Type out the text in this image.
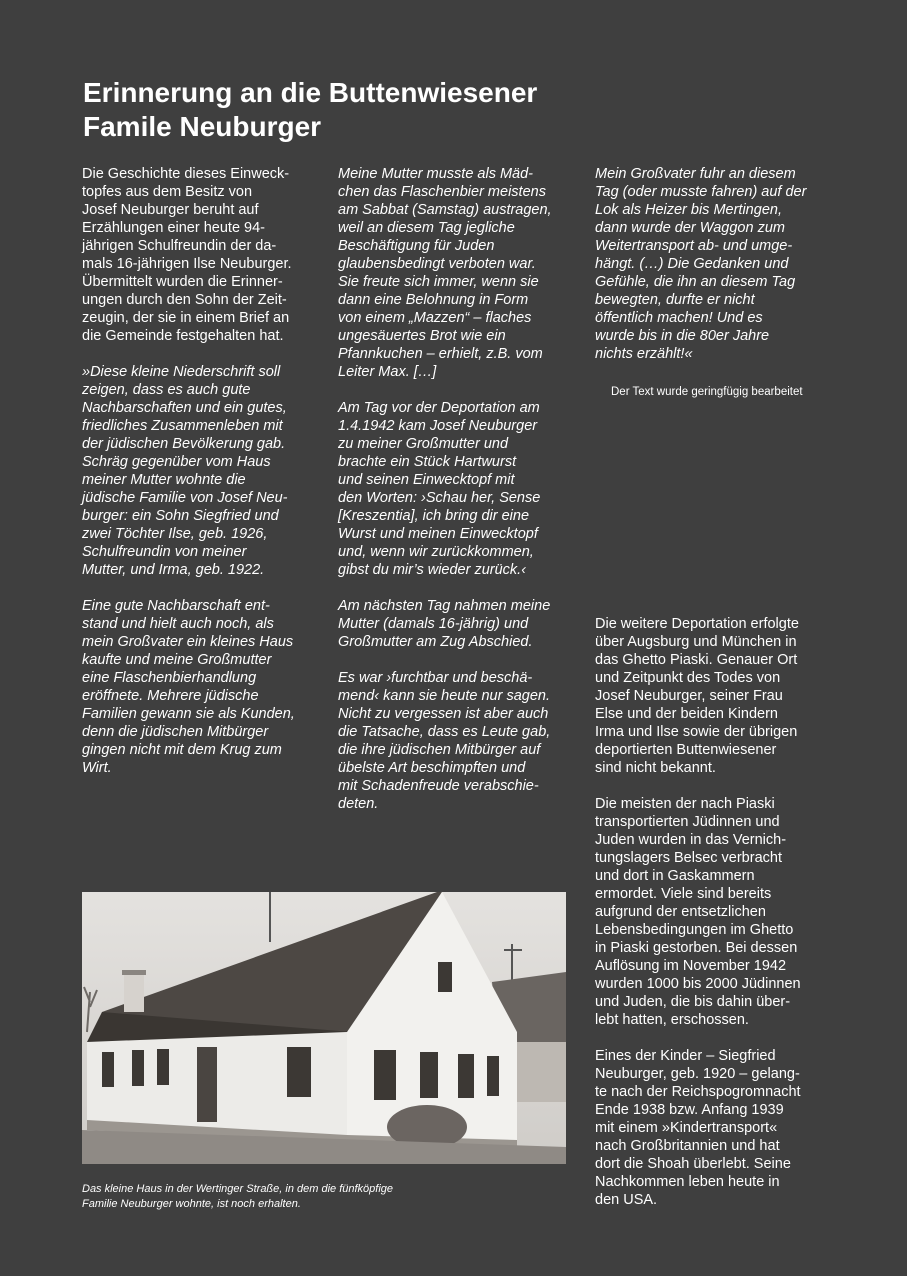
Erinnerung an die Buttenwiesener
Famile Neuburger

Die Geschichte dieses Einweck-
topfes aus dem Besitz von
Josef Neuburger beruht auf
Erzählungen einer heute 94-
jährigen Schulfreundin der da-
mals 16-jährigen Ilse Neuburger.
Übermittelt wurden die Erinner-
ungen durch den Sohn der Zeit-
zeugin, der sie in einem Brief an
die Gemeinde festgehalten hat.

»Diese kleine Niederschrift soll
zeigen, dass es auch gute
Nachbarschaften und ein gutes,
friedliches Zusammenleben mit
der jüdischen Bevölkerung gab.
Schräg gegenüber vom Haus
meiner Mutter wohnte die
jüdische Familie von Josef Neu-
burger: ein Sohn Siegfried und
zwei Töchter Ilse, geb. 1926,
Schulfreundin von meiner
Mutter, und Irma, geb. 1922.

Eine gute Nachbarschaft ent-
stand und hielt auch noch, als
mein Großvater ein kleines Haus
kaufte und meine Großmutter
eine Flaschenbierhandlung
eröffnete. Mehrere jüdische
Familien gewann sie als Kunden,
denn die jüdischen Mitbürger
gingen nicht mit dem Krug zum
Wirt.

Meine Mutter musste als Mäd-
chen das Flaschenbier meistens
am Sabbat (Samstag) austragen,
weil an diesem Tag jegliche
Beschäftigung für Juden
glaubensbedingt verboten war.
Sie freute sich immer, wenn sie
dann eine Belohnung in Form
von einem „Mazzen“ – flaches
ungesäuertes Brot wie ein
Pfannkuchen – erhielt, z.B. vom
Leiter Max. […]

Am Tag vor der Deportation am
1.4.1942 kam Josef Neuburger
zu meiner Großmutter und
brachte ein Stück Hartwurst
und seinen Einwecktopf mit
den Worten: ›Schau her, Sense
[Kreszentia], ich bring dir eine
Wurst und meinen Einwecktopf
und, wenn wir zurückkommen,
gibst du mir’s wieder zurück.‹

Am nächsten Tag nahmen meine
Mutter (damals 16-jährig) und
Großmutter am Zug Abschied.

Es war ›furchtbar und beschä-
mend‹ kann sie heute nur sagen.
Nicht zu vergessen ist aber auch
die Tatsache, dass es Leute gab,
die ihre jüdischen Mitbürger auf
übelste Art beschimpften und
mit Schadenfreude verabschie-
deten.

Mein Großvater fuhr an diesem
Tag (oder musste fahren) auf der
Lok als Heizer bis Mertingen,
dann wurde der Waggon zum
Weitertransport ab- und umge-
hängt. (…) Die Gedanken und
Gefühle, die ihn an diesem Tag
bewegten, durfte er nicht
öffentlich machen! Und es
wurde bis in die 80er Jahre
nichts erzählt!«

Der Text wurde geringfügig bearbeitet

Die weitere Deportation erfolgte
über Augsburg und München in
das Ghetto Piaski. Genauer Ort
und Zeitpunkt des Todes von
Josef Neuburger, seiner Frau
Else und der beiden Kindern
Irma und Ilse sowie der übrigen
deportierten Buttenwiesener
sind nicht bekannt.

Die meisten der nach Piaski
transportierten Jüdinnen und
Juden wurden in das Vernich-
tungslagers Belsec verbracht
und dort in Gaskammern
ermordet. Viele sind bereits
aufgrund der entsetzlichen
Lebensbedingungen im Ghetto
in Piaski gestorben. Bei dessen
Auflösung im November 1942
wurden 1000 bis 2000 Jüdinnen
und Juden, die bis dahin über-
lebt hatten, erschossen.

Eines der Kinder – Siegfried
Neuburger, geb. 1920 – gelang-
te nach der Reichspogromnacht
Ende 1938 bzw. Anfang 1939
mit einem »Kindertransport«
nach Großbritannien und hat
dort die Shoah überlebt. Seine
Nachkommen leben heute in
den USA.

Das kleine Haus in der Wertinger Straße, in dem die fünfköpfige
Familie Neuburger wohnte, ist noch erhalten.
